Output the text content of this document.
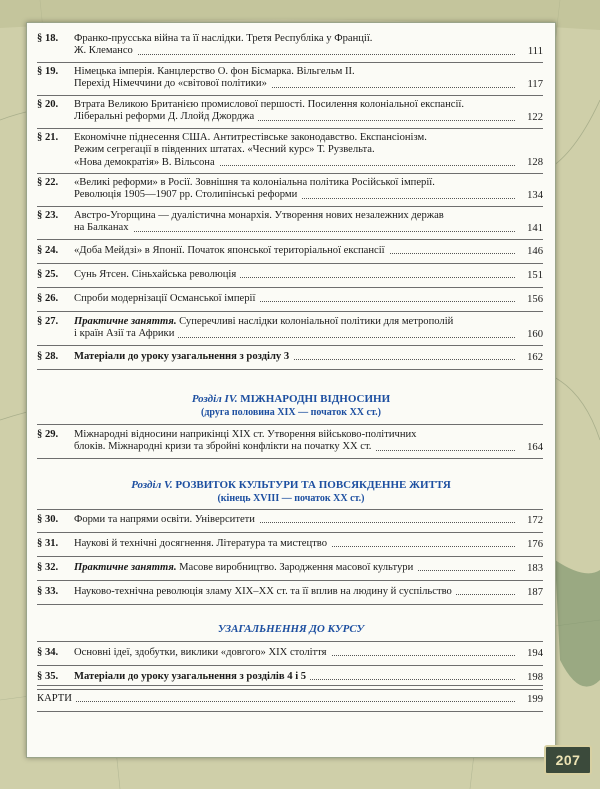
§ 18. Франко-прусська війна та її наслідки. Третя Республіка у Франції.
Ж. Клемансо	111
§ 19. Німецька імперія. Канцлерство О. фон Бісмарка. Вільгельм II.
Перехід Німеччини до «світової політики»	117
§ 20. Втрата Великою Британією промислової першості. Посилення колоніальної експансії.
Ліберальні реформи Д. Ллойд Джорджа	122
§ 21. Економічне піднесення США. Антитрестівське законодавство. Експансіонізм.
Режим сегрегації в південних штатах. «Чесний курс» Т. Рузвельта.
«Нова демократія» В. Вільсона	128
§ 22. «Великі реформи» в Росії. Зовнішня та колоніальна політика Російської імперії.
Революція 1905—1907 рр. Столипінські реформи	134
§ 23. Австро-Угорщина — дуалістична монархія. Утворення нових незалежних держав
на Балканах	141
§ 24. «Доба Мейдзі» в Японії. Початок японської територіальної експансії	146
§ 25. Сунь Ятсен. Сіньхайська революція	151
§ 26. Спроби модернізації Османської імперії	156
§ 27. Практичне заняття. Суперечливі наслідки колоніальної політики для метрополій
і країн Азії та Африки	160
§ 28. Матеріали до уроку узагальнення з розділу 3	162
Розділ IV. МІЖНАРОДНІ ВІДНОСИНИ
(друга половина XIX — початок XX ст.)
§ 29. Міжнародні відносини наприкінці XIX ст. Утворення військово-політичних
блоків. Міжнародні кризи та збройні конфлікти на початку XX ст.	164
Розділ V. РОЗВИТОК КУЛЬТУРИ ТА ПОВСЯКДЕННЕ ЖИТТЯ
(кінець XVIII — початок XX ст.)
§ 30. Форми та напрями освіти. Університети	172
§ 31. Наукові й технічні досягнення. Література та мистецтво	176
§ 32. Практичне заняття. Масове виробництво. Зародження масової культури	183
§ 33. Науково-технічна революція зламу XIX–XX ст. та її вплив на людину й суспільство	187
УЗАГАЛЬНЕННЯ ДО КУРСУ
§ 34. Основні ідеї, здобутки, виклики «довгого» XIX століття	194
§ 35. Матеріали до уроку узагальнення з розділів 4 і 5	198
КАРТИ	199
207
